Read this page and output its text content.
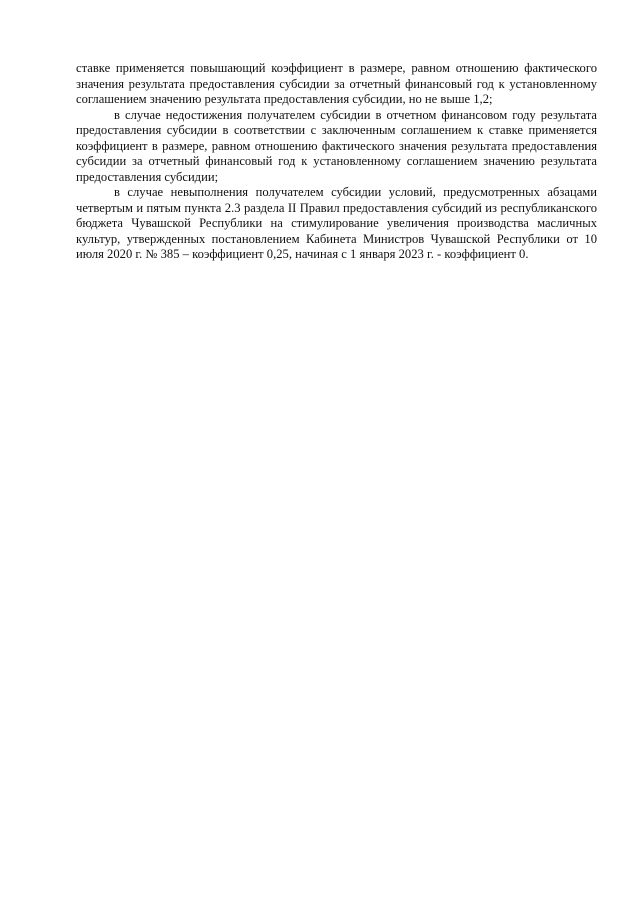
ставке применяется повышающий коэффициент в размере, равном отношению фактического значения результата предоставления субсидии за отчетный финансовый год к установленному соглашением значению результата предоставления субсидии, но не выше 1,2;

в случае недостижения получателем субсидии в отчетном финансовом году результата предоставления субсидии в соответствии с заключенным соглашением к ставке применяется коэффициент в размере, равном отношению фактического значения результата предоставления субсидии за отчетный финансовый год к установленному соглашением значению результата предоставления субсидии;

в случае невыполнения получателем субсидии условий, предусмотренных абзацами четвертым и пятым пункта 2.3 раздела II Правил предоставления субсидий из республиканского бюджета Чувашской Республики на стимулирование увеличения производства масличных культур, утвержденных постановлением Кабинета Министров Чувашской Республики от 10 июля 2020 г. № 385 – коэффициент 0,25, начиная с 1 января 2023 г. - коэффициент 0.
